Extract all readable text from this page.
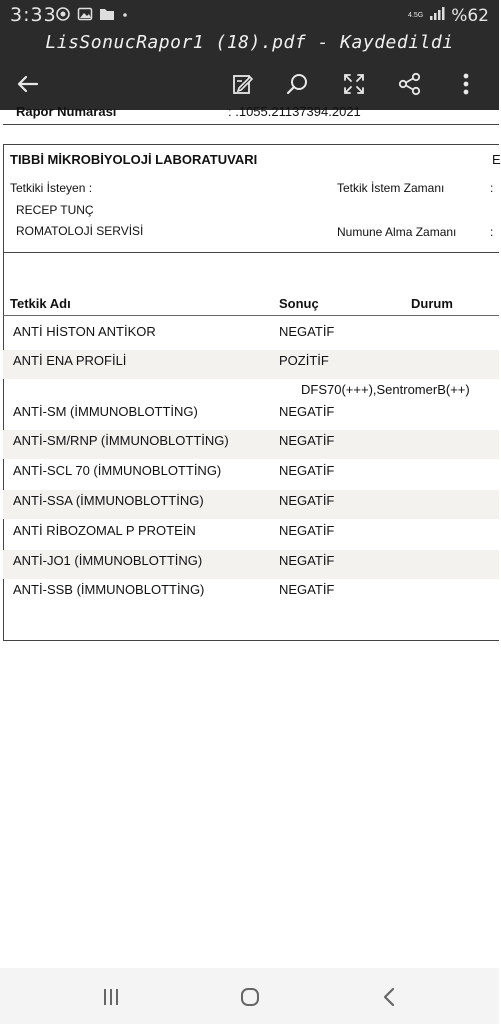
3:33	4.5G %62
LisSonucRapor1 (18).pdf - Kaydedildi
Rapor Numarası	: .1055.21137394.2021
TIBBİ MİKROBİYOLOJİ LABORATUVARI	E
Tetkiki İsteyen :	Tetkik İstem Zamanı	:
RECEP TUNÇ
ROMATOLOJİ SERVİSİ	Numune Alma Zamanı	:
Tetkik Adı	Sonuç	Durum
ANTİ HİSTON ANTİKOR	NEGATİF
ANTİ ENA PROFİLİ	POZİTİF
DFS70(+++),SentromerB(++)
ANTİ-SM (İMMUNOBLOTTİNG)	NEGATİF
ANTİ-SM/RNP (İMMUNOBLOTTİNG)	NEGATİF
ANTİ-SCL 70 (İMMUNOBLOTTİNG)	NEGATİF
ANTİ-SSA (İMMUNOBLOTTİNG)	NEGATİF
ANTİ RİBOZOMAL P PROTEİN	NEGATİF
ANTİ-JO1 (İMMUNOBLOTTİNG)	NEGATİF
ANTİ-SSB (İMMUNOBLOTTİNG)	NEGATİF
